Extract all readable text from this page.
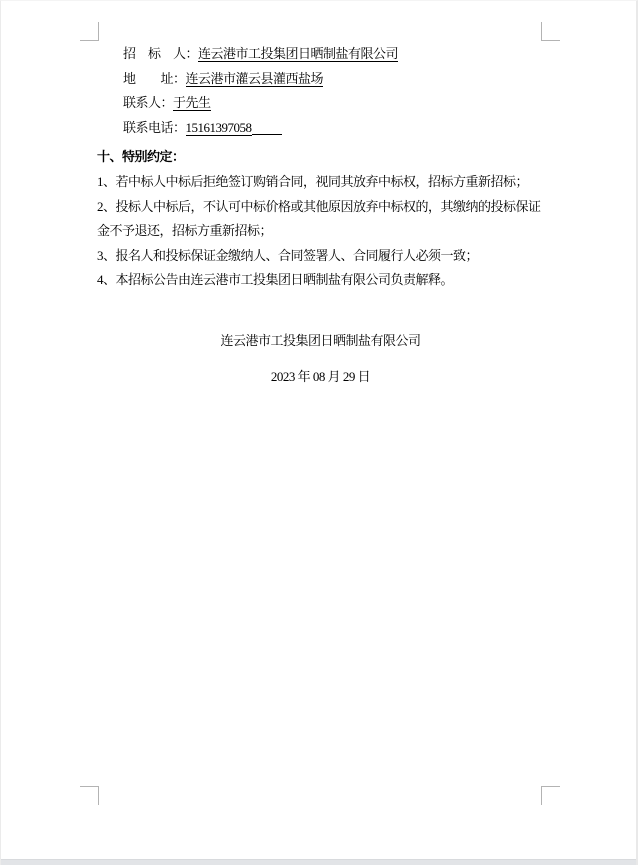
招　标　人：连云港市工投集团日晒制盐有限公司
地　　址：连云港市灌云县灌西盐场
联系人：于先生
联系电话：15161397058
十、特别约定：

1、若中标人中标后拒绝签订购销合同，视同其放弃中标权，招标方重新招标；

2、投标人中标后，不认可中标价格或其他原因放弃中标权的，其缴纳的投标保证金不予退还，招标方重新招标；

3、报名人和投标保证金缴纳人、合同签署人、合同履行人必须一致；

4、本招标公告由连云港市工投集团日晒制盐有限公司负责解释。

连云港市工投集团日晒制盐有限公司
2023 年 08 月 29 日
